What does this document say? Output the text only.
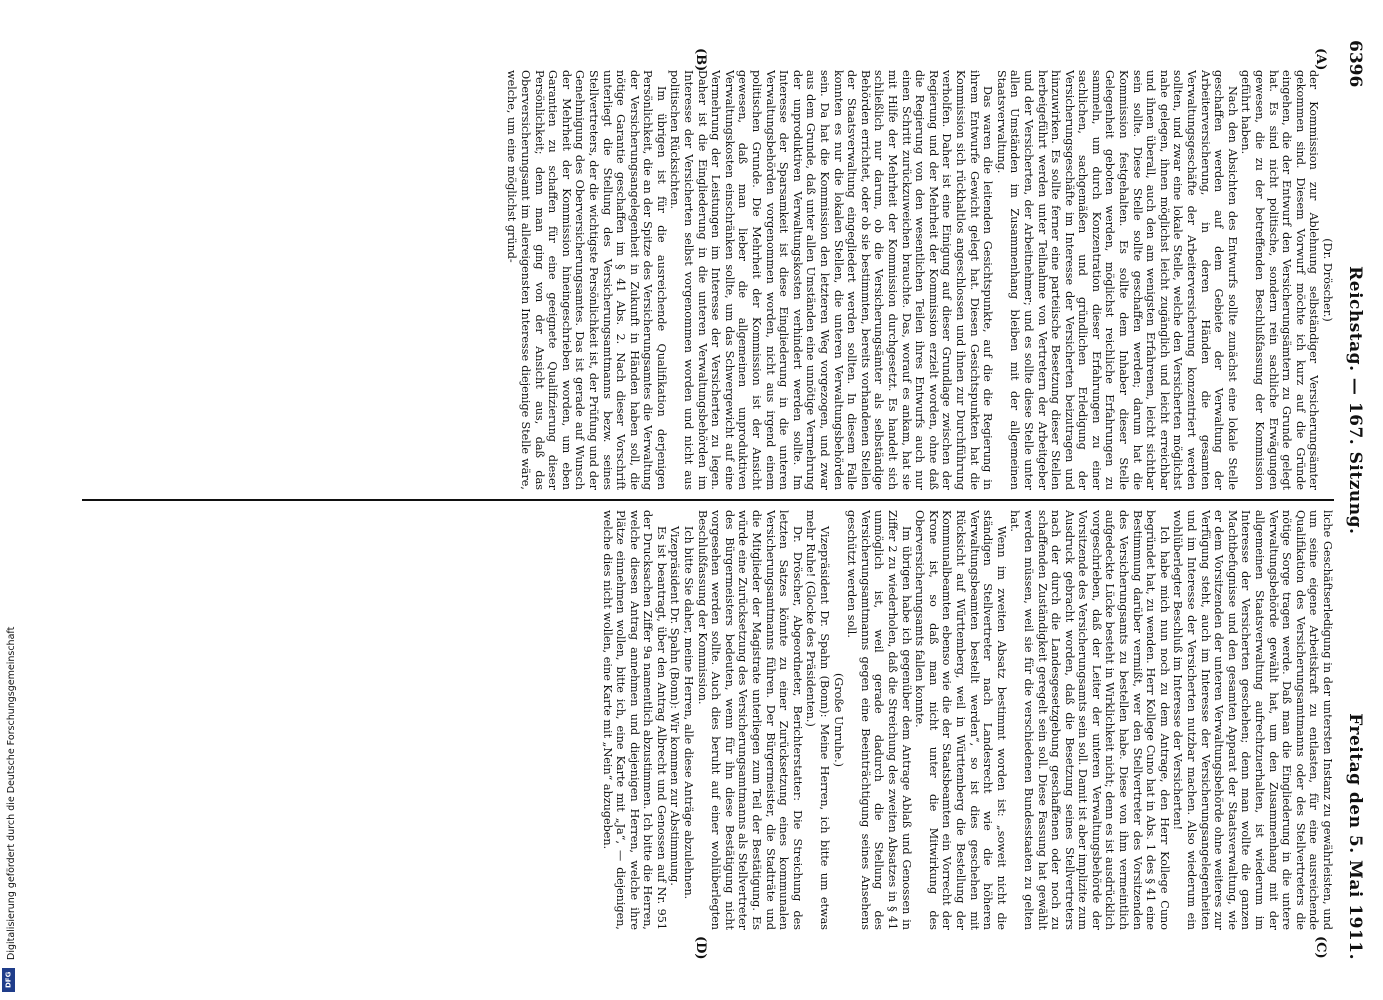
6396
Reichstag. — 167. Sitzung.
Freitag den 5. Mai 1911.
(A)
(B)
(C)
(D)

(Dr. Dröscher.)

der Kommission zur Ablehnung selbständiger Versicherungsämter gekommen sind. Diesem Vorwurf möchte ich kurz auf die Gründe eingehen, die der Entwurf den Versicherungsämtern zu Grunde gelegt hat. Es sind nicht politische, sondern rein sachliche Erwägungen gewesen, die zu der betreffenden Beschlußfassung der Kommission geführt haben.

Nach den Absichten des Entwurfs sollte zunächst eine lokale Stelle geschaffen werden auf dem Gebiete der Verwaltung der Arbeiterversicherung, in deren Händen die gesamten Verwaltungsgeschäfte der Arbeiterversicherung konzentriert werden sollten, und zwar eine lokale Stelle, welche den Versicherten möglichst nahe gelegen, ihnen möglichst leicht zugänglich und leicht erreichbar und ihnen überall, auch den am wenigsten Erfahrenen, leicht sichtbar sein sollte. Diese Stelle sollte geschaffen werden; darum hat die Kommission festgehalten. Es sollte dem Inhaber dieser Stelle Gelegenheit geboten werden, möglichst reichliche Erfahrungen zu sammeln, um durch Konzentration dieser Erfahrungen zu einer sachlichen, sachgemäßen und gründlichen Erledigung der Versicherungsgeschäfte im Interesse der Versicherten beizutragen und hinzuwirken. Es sollte ferner eine parteiische Besetzung dieser Stellen herbeigeführt werden unter Teilnahme von Vertretern der Arbeitgeber und der Versicherten, der Arbeitnehmer; und es sollte diese Stelle unter allen Umständen im Zusammenhang bleiben mit der allgemeinen Staatsverwaltung.

Das waren die leitenden Gesichtspunkte, auf die die Regierung in ihrem Entwurfe Gewicht gelegt hat. Diesen Gesichtspunkten hat die Kommission sich rückhaltlos angeschlossen und ihnen zur Durchführung verholfen. Daher ist eine Einigung auf dieser Grundlage zwischen der Regierung und der Mehrheit der Kommission erzielt worden, ohne daß die Regierung von den wesentlichen Teilen ihres Entwurfs auch nur einen Schritt zurückzuweichen brauchte. Das, worauf es ankam, hat sie mit Hilfe der Mehrheit der Kommission durchgesetzt. Es handelt sich schließlich nur darum, ob die Versicherungsämter als selbständige Behörden errichtet, oder ob sie bestimmten, bereits vorhandenen Stellen der Staatsverwaltung eingegliedert werden sollten. In diesem Falle konnten es nur die lokalen Stellen, die unteren Verwaltungsbehörden sein. Da hat die Kommission den letzteren Weg vorgezogen, und zwar aus dem Grunde, daß unter allen Umständen eine unnötige Vermehrung der unproduktiven Verwaltungskosten verhindert werden sollte. Im Interesse der Sparsamkeit ist diese Eingliederung in die unteren Verwaltungsbehörden vorgenommen worden, nicht aus irgend einem politischen Grunde. Die Mehrheit der Kommission ist der Ansicht gewesen, daß man lieber die allgemeinen unproduktiven Verwaltungskosten einschränken sollte, um das Schwergewicht auf eine Vermehrung der Leistungen im Interesse der Versicherten zu legen. Daher ist die Eingliederung in die unteren Verwaltungsbehörden im Interesse der Versicherten selbst vorgenommen worden und nicht aus politischen Rücksichten.

Im übrigen ist für die ausreichende Qualifikation derjenigen Persönlichkeit, die an der Spitze des Versicherungsamtes die Verwaltung der Versicherungsangelegenheit in Zukunft in Händen haben soll, die nötige Garantie geschaffen im § 41 Abs. 2. Nach dieser Vorschrift unterliegt die Stellung des Versicherungsamtmanns bezw. seines Stellvertreters, der die wichtigste Persönlichkeit ist, der Prüfung und der Genehmigung des Oberversicherungsamtes. Das ist gerade auf Wunsch der Mehrheit der Kommission hineingeschrieben worden, um eben Garantien zu schaffen für eine geeignete Qualifizierung dieser Persönlichkeit; denn man ging von der Ansicht aus, daß das Oberversicherungsamt im allereigensten Interesse diejenige Stelle wäre, welche, um eine möglichst gründ-

liche Geschäftserledigung in der untersten Instanz zu gewährleisten, und um seine eigene Arbeitskraft zu entlasten, für eine ausreichende Qualifikation des Versicherungsamtmanns oder des Stellvertreters die nötige Sorge tragen werde. Daß man die Eingliederung in die untere Verwaltungsbehörde gewählt hat, um den Zusammenhang mit der allgemeinen Staatsverwaltung aufrechtzuerhalten, ist wiederum im Interesse der Versicherten geschehen; denn man wollte die ganzen Machtbefugnisse und den gesamten Apparat der Staatsverwaltung, wie er dem Vorsitzenden der unteren Verwaltungsbehörde ohne weiteres zur Verfügung steht, auch im Interesse der Versicherungsangelegenheiten und im Interesse der Versicherten nutzbar machen. Also wiederum ein wohlüberlegter Beschluß im Interesse der Versicherten!

Ich habe mich nun noch zu dem Antrage, den Herr Kollege Cuno begründet hat, zu wenden. Herr Kollege Cuno hat in Abs. 1 des § 41 eine Bestimmung darüber vermißt, wer den Stellvertreter des Vorsitzenden des Versicherungsamts zu bestellen habe. Diese von ihm vermeintlich aufgedeckte Lücke besteht in Wirklichkeit nicht; denn es ist ausdrücklich vorgeschrieben, daß der Leiter der unteren Verwaltungsbehörde der Vorsitzende des Versicherungsamts sein soll. Damit ist aber implizite zum Ausdruck gebracht worden, daß die Besetzung seines Stellvertreters nach der durch die Landesgesetzgebung geschaffenen oder noch zu schaffenden Zuständigkeit geregelt sein soll. Diese Fassung hat gewählt werden müssen, weil sie für die verschiedenen Bundesstaaten zu gelten hat.

Wenn im zweiten Absatz bestimmt worden ist: „soweit nicht die ständigen Stellvertreter nach Landesrecht wie die höheren Verwaltungsbeamten bestellt werden“, so ist dies geschehen mit Rücksicht auf Württemberg, weil in Württemberg die Bestellung der Kommunalbeamten ebenso wie die der Staatsbeamten ein Vorrecht der Krone ist, so daß man nicht unter die Mitwirkung des Oberversicherungsamts fallen konnte.

Im übrigen habe ich gegenüber dem Antrage Ablaß und Genossen in Ziffer 2 zu wiederholen, daß die Streichung des zweiten Absatzes in § 41 unmöglich ist, weil gerade dadurch die Stellung des Versicherungsamtmanns gegen eine Beeinträchtigung seines Ansehens geschützt werden soll.

(Große Unruhe.)

Vizepräsident Dr. Spahn (Bonn): Meine Herren, ich bitte um etwas mehr Ruhe! (Glocke des Präsidenten.)

Dr. Dröscher, Abgeordneter, Berichterstatter: Die Streichung des letzten Satzes könnte zu einer Zurücksetzung eines kommunalen Versicherungsamtmanns führen. Der Bürgermeister, die Stadträte und die Mitglieder der Magistrate unterliegen zum Teil der Bestätigung. Es würde eine Zurücksetzung des Versicherungsamtmanns als Stellvertreter des Bürgermeisters bedeuten, wenn für ihn diese Bestätigung nicht vorgesehen werden sollte. Auch dies beruht auf einer wohlüberlegten Beschlußfassung der Kommission.

Ich bitte Sie daher, meine Herren, alle diese Anträge abzulehnen.

Vizepräsident Dr. Spahn (Bonn): Wir kommen zur Abstimmung.

Es ist beantragt, über den Antrag Albrecht und Genossen auf Nr. 951 der Drucksachen Ziffer 9a namentlich abzustimmen. Ich bitte die Herren, welche diesen Antrag annehmen und diejenigen Herren, welche ihre Plätze einnehmen wollen, bitte ich, eine Karte mit „Ja“, — diejenigen, welche dies nicht wollen, eine Karte mit „Nein“ abzugeben.

Digitalisierung gefördert durch die Deutsche Forschungsgemeinschaft
DFG
